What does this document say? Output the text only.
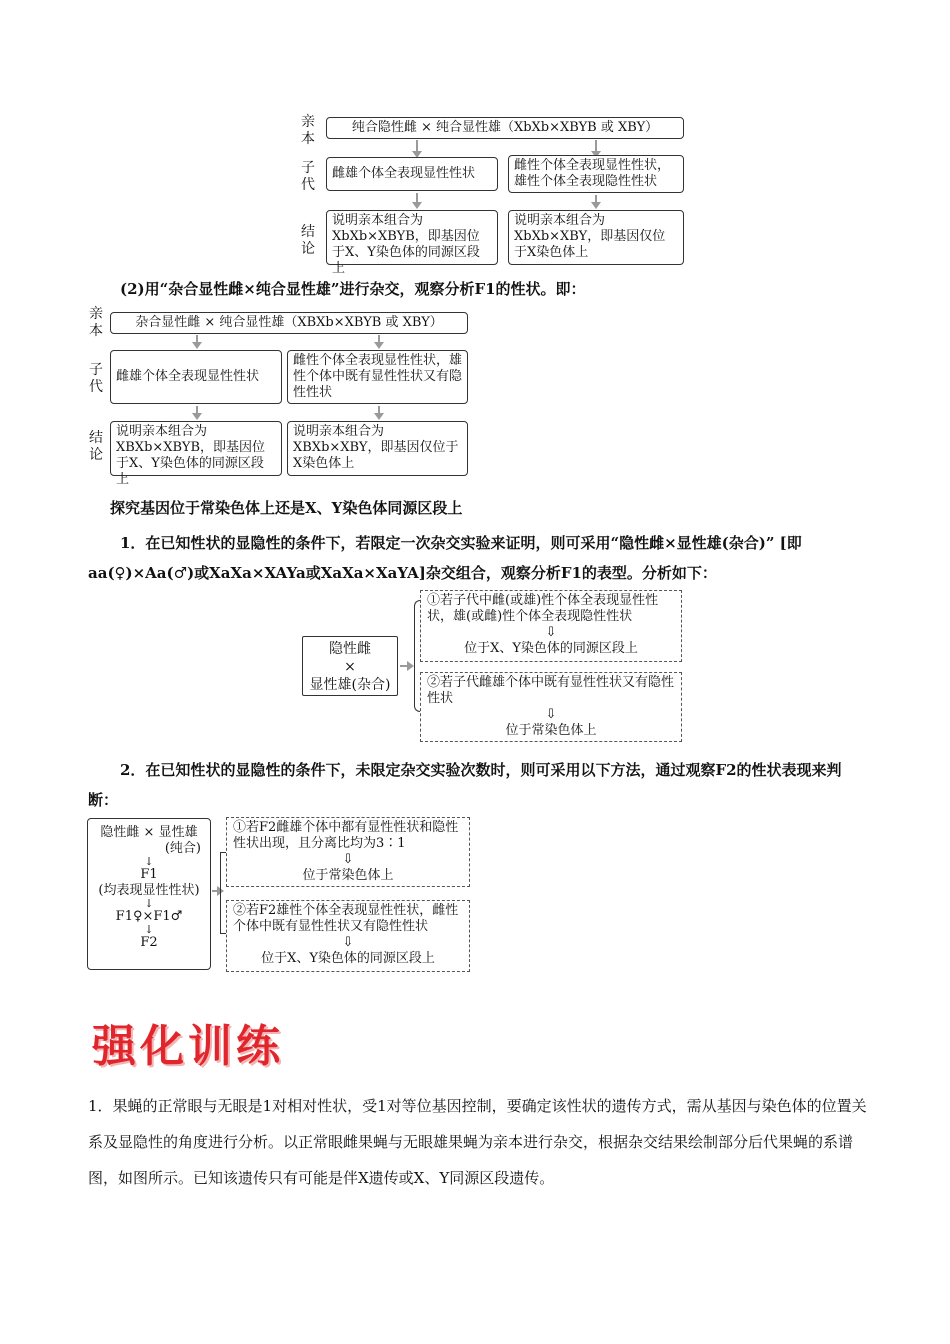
亲本
子代
结论
纯合隐性雌 × 纯合显性雄（XbXb×XBYB 或 XBY）
雌雄个体全表现显性性状
雌性个体全表现显性性状，雄性个体全表现隐性性状
说明亲本组合为XbXb×XBYB，即基因位于X、Y染色体的同源区段上
说明亲本组合为XbXb×XBY，即基因仅位于X染色体上
(2)用“杂合显性雌×纯合显性雄”进行杂交，观察分析F1的性状。即：
亲本
子代
结论
杂合显性雌 × 纯合显性雄（XBXb×XBYB 或 XBY）
雌雄个体全表现显性性状
雌性个体全表现显性性状，雄性个体中既有显性性状又有隐性性状
说明亲本组合为XBXb×XBYB，即基因位于X、Y染色体的同源区段上
说明亲本组合为XBXb×XBY，即基因仅位于X染色体上
探究基因位于常染色体上还是X、Y染色体同源区段上
1．在已知性状的显隐性的条件下，若限定一次杂交实验来证明，则可采用“隐性雌×显性雄(杂合)” [即aa(♀)×Aa(♂)或XaXa×XAYa或XaXa×XaYA]杂交组合，观察分析F1的表型。分析如下：
隐性雌
×
显性雄(杂合)
①若子代中雌(或雄)性个体全表现显性性状，雄(或雌)性个体全表现隐性性状
⇩
位于X、Y染色体的同源区段上
②若子代雌雄个体中既有显性性状又有隐性性状
⇩
位于常染色体上
2．在已知性状的显隐性的条件下，未限定杂交实验次数时，则可采用以下方法，通过观察F2的性状表现来判断：
隐性雌 × 显性雄
(纯合)
↓
F1
(均表现显性性状)
↓
F1♀×F1♂
↓
F2
①若F2雌雄个体中都有显性性状和隐性性状出现，且分离比均为3∶1
⇩
位于常染色体上
②若F2雄性个体全表现显性性状，雌性个体中既有显性性状又有隐性性状
⇩
位于X、Y染色体的同源区段上
强化训练
1．果蝇的正常眼与无眼是1对相对性状，受1对等位基因控制，要确定该性状的遗传方式，需从基因与染色体的位置关系及显隐性的角度进行分析。以正常眼雌果蝇与无眼雄果蝇为亲本进行杂交，根据杂交结果绘制部分后代果蝇的系谱图，如图所示。已知该遗传只有可能是伴X遗传或X、Y同源区段遗传。
